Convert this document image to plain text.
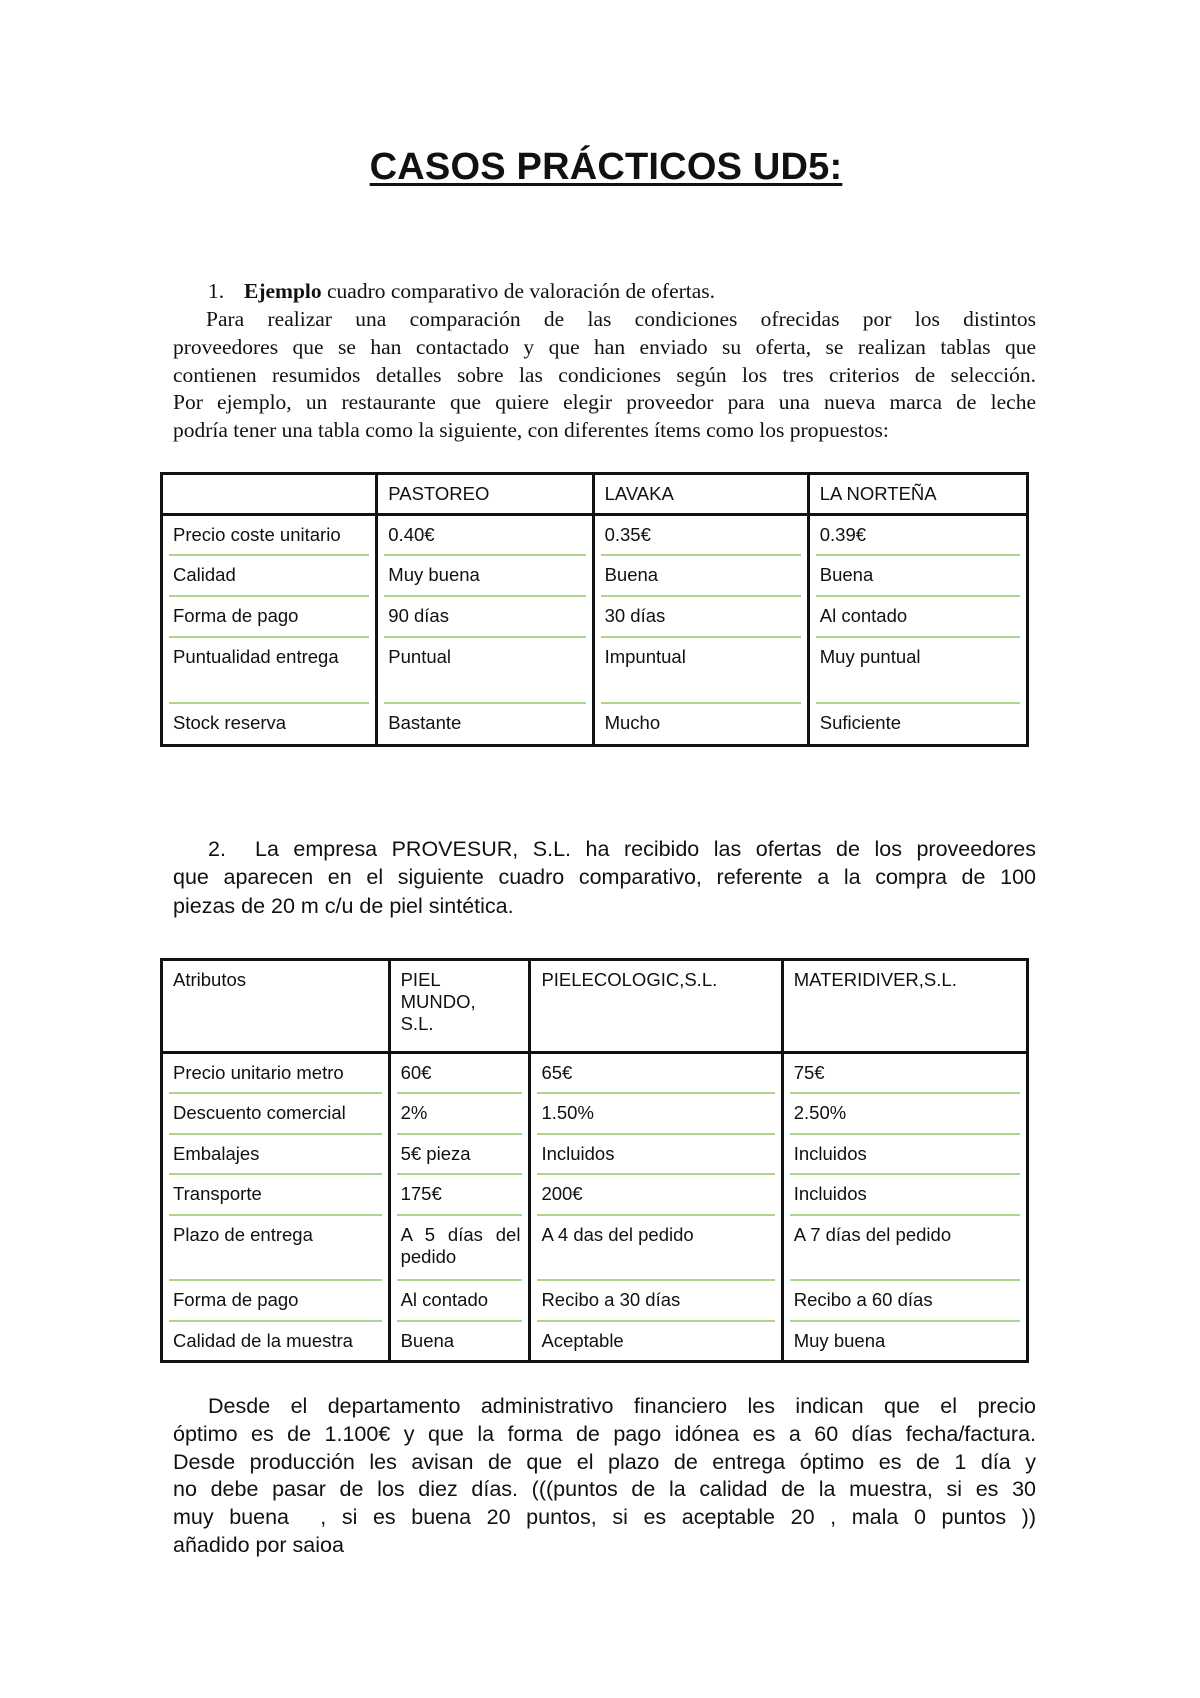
CASOS PRÁCTICOS UD5:
1. Ejemplo cuadro comparativo de valoración de ofertas.
Para realizar una comparación de las condiciones ofrecidas por los distintos
proveedores que se han contactado y que han enviado su oferta, se realizan tablas que
contienen resumidos detalles sobre las condiciones según los tres criterios de selección.
Por ejemplo, un restaurante que quiere elegir proveedor para una nueva marca de leche
podría tener una tabla como la siguiente, con diferentes ítems como los propuestos:
	PASTOREO	LAVAKA	LA NORTEÑA
Precio coste unitario	0.40€	0.35€	0.39€
Calidad	Muy buena	Buena	Buena
Forma de pago	90 días	30 días	Al contado
Puntualidad entrega	Puntual	Impuntual	Muy puntual
Stock reserva	Bastante	Mucho	Suficiente
2. La empresa PROVESUR, S.L. ha recibido las ofertas de los proveedores
que aparecen en el siguiente cuadro comparativo, referente a la compra de 100
piezas de 20 m c/u de piel sintética.
Atributos	PIEL MUNDO, S.L.	PIELECOLOGIC,S.L.	MATERIDIVER,S.L.
Precio unitario metro	60€	65€	75€
Descuento comercial	2%	1.50%	2.50%
Embalajes	5€ pieza	Incluidos	Incluidos
Transporte	175€	200€	Incluidos
Plazo de entrega	A 5 días del pedido	A 4 das del pedido	A 7 días del pedido
Forma de pago	Al contado	Recibo a 30 días	Recibo a 60 días
Calidad de la muestra	Buena	Aceptable	Muy buena
Desde el departamento administrativo financiero les indican que el precio
óptimo es de 1.100€ y que la forma de pago idónea es a 60 días fecha/factura.
Desde producción les avisan de que el plazo de entrega óptimo es de 1 día y
no debe pasar de los diez días. (((puntos de la calidad de la muestra, si es 30
muy buena  , si es buena 20 puntos, si es aceptable 20 , mala 0 puntos ))
añadido por saioa
